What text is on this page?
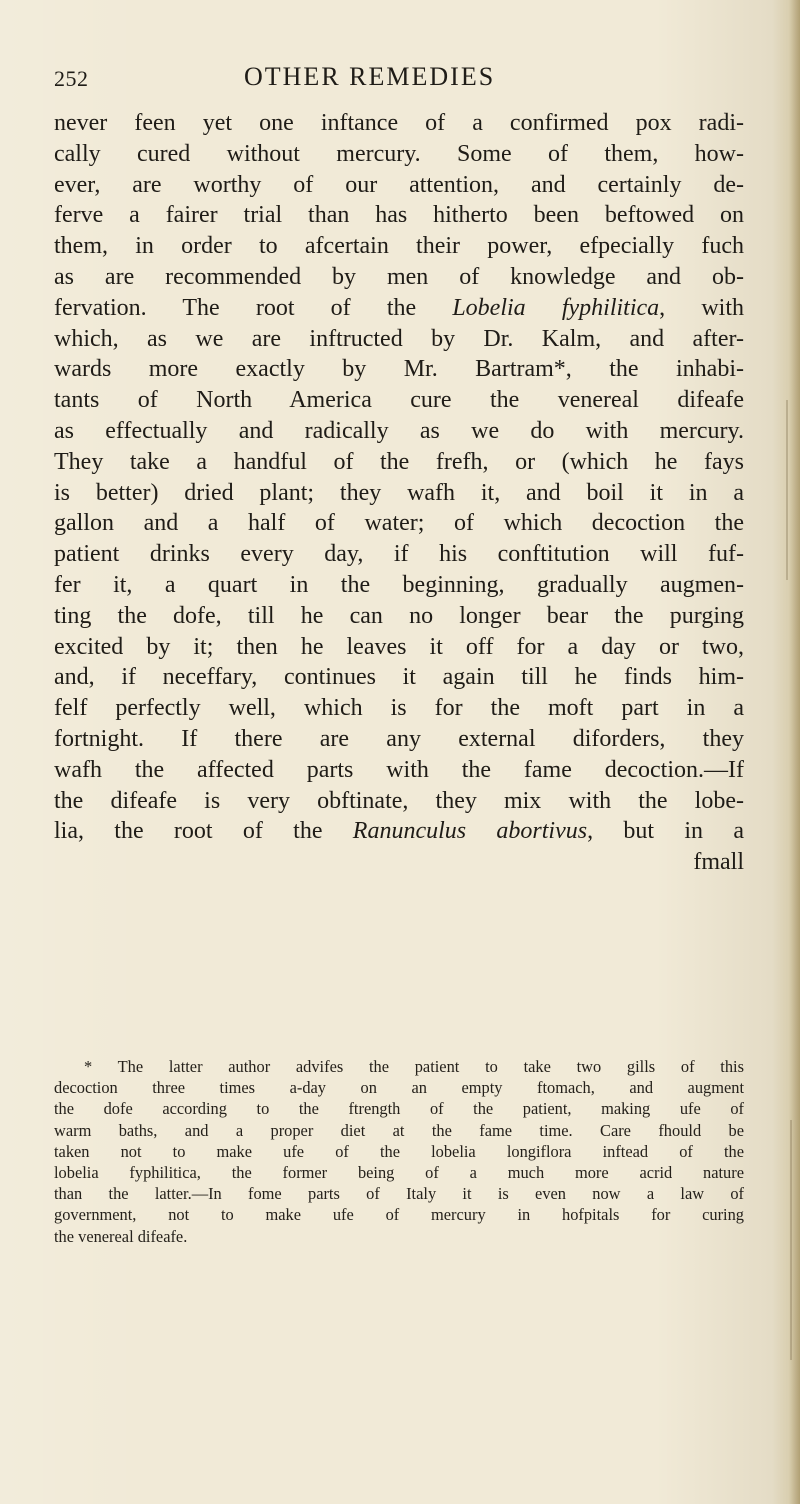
252	OTHER REMEDIES
never feen yet one inftance of a confirmed pox radi-
cally cured without mercury. Some of them, how-
ever, are worthy of our attention, and certainly de-
ferve a fairer trial than has hitherto been beftowed on
them, in order to afcertain their power, efpecially fuch
as are recommended by men of knowledge and ob-
fervation. The root of the Lobelia fyphilitica, with
which, as we are inftructed by Dr. Kalm, and after-
wards more exactly by Mr. Bartram*, the inhabi-
tants of North America cure the venereal difeafe
as effectually and radically as we do with mercury.
They take a handful of the frefh, or (which he fays
is better) dried plant; they wafh it, and boil it in a
gallon and a half of water; of which decoction the
patient drinks every day, if his conftitution will fuf-
fer it, a quart in the beginning, gradually augmen-
ting the dofe, till he can no longer bear the purging
excited by it; then he leaves it off for a day or two,
and, if neceffary, continues it again till he finds him-
felf perfectly well, which is for the moft part in a
fortnight. If there are any external diforders, they
wafh the affected parts with the fame decoction.—If
the difeafe is very obftinate, they mix with the lobe-
lia, the root of the Ranunculus abortivus, but in a
fmall
* The latter author advifes the patient to take two gills of this
decoction three times a-day on an empty ftomach, and augment
the dofe according to the ftrength of the patient, making ufe of
warm baths, and a proper diet at the fame time. Care fhould be
taken not to make ufe of the lobelia longiflora inftead of the
lobelia fyphilitica, the former being of a much more acrid nature
than the latter.—In fome parts of Italy it is even now a law of
government, not to make ufe of mercury in hofpitals for curing
the venereal difeafe.
